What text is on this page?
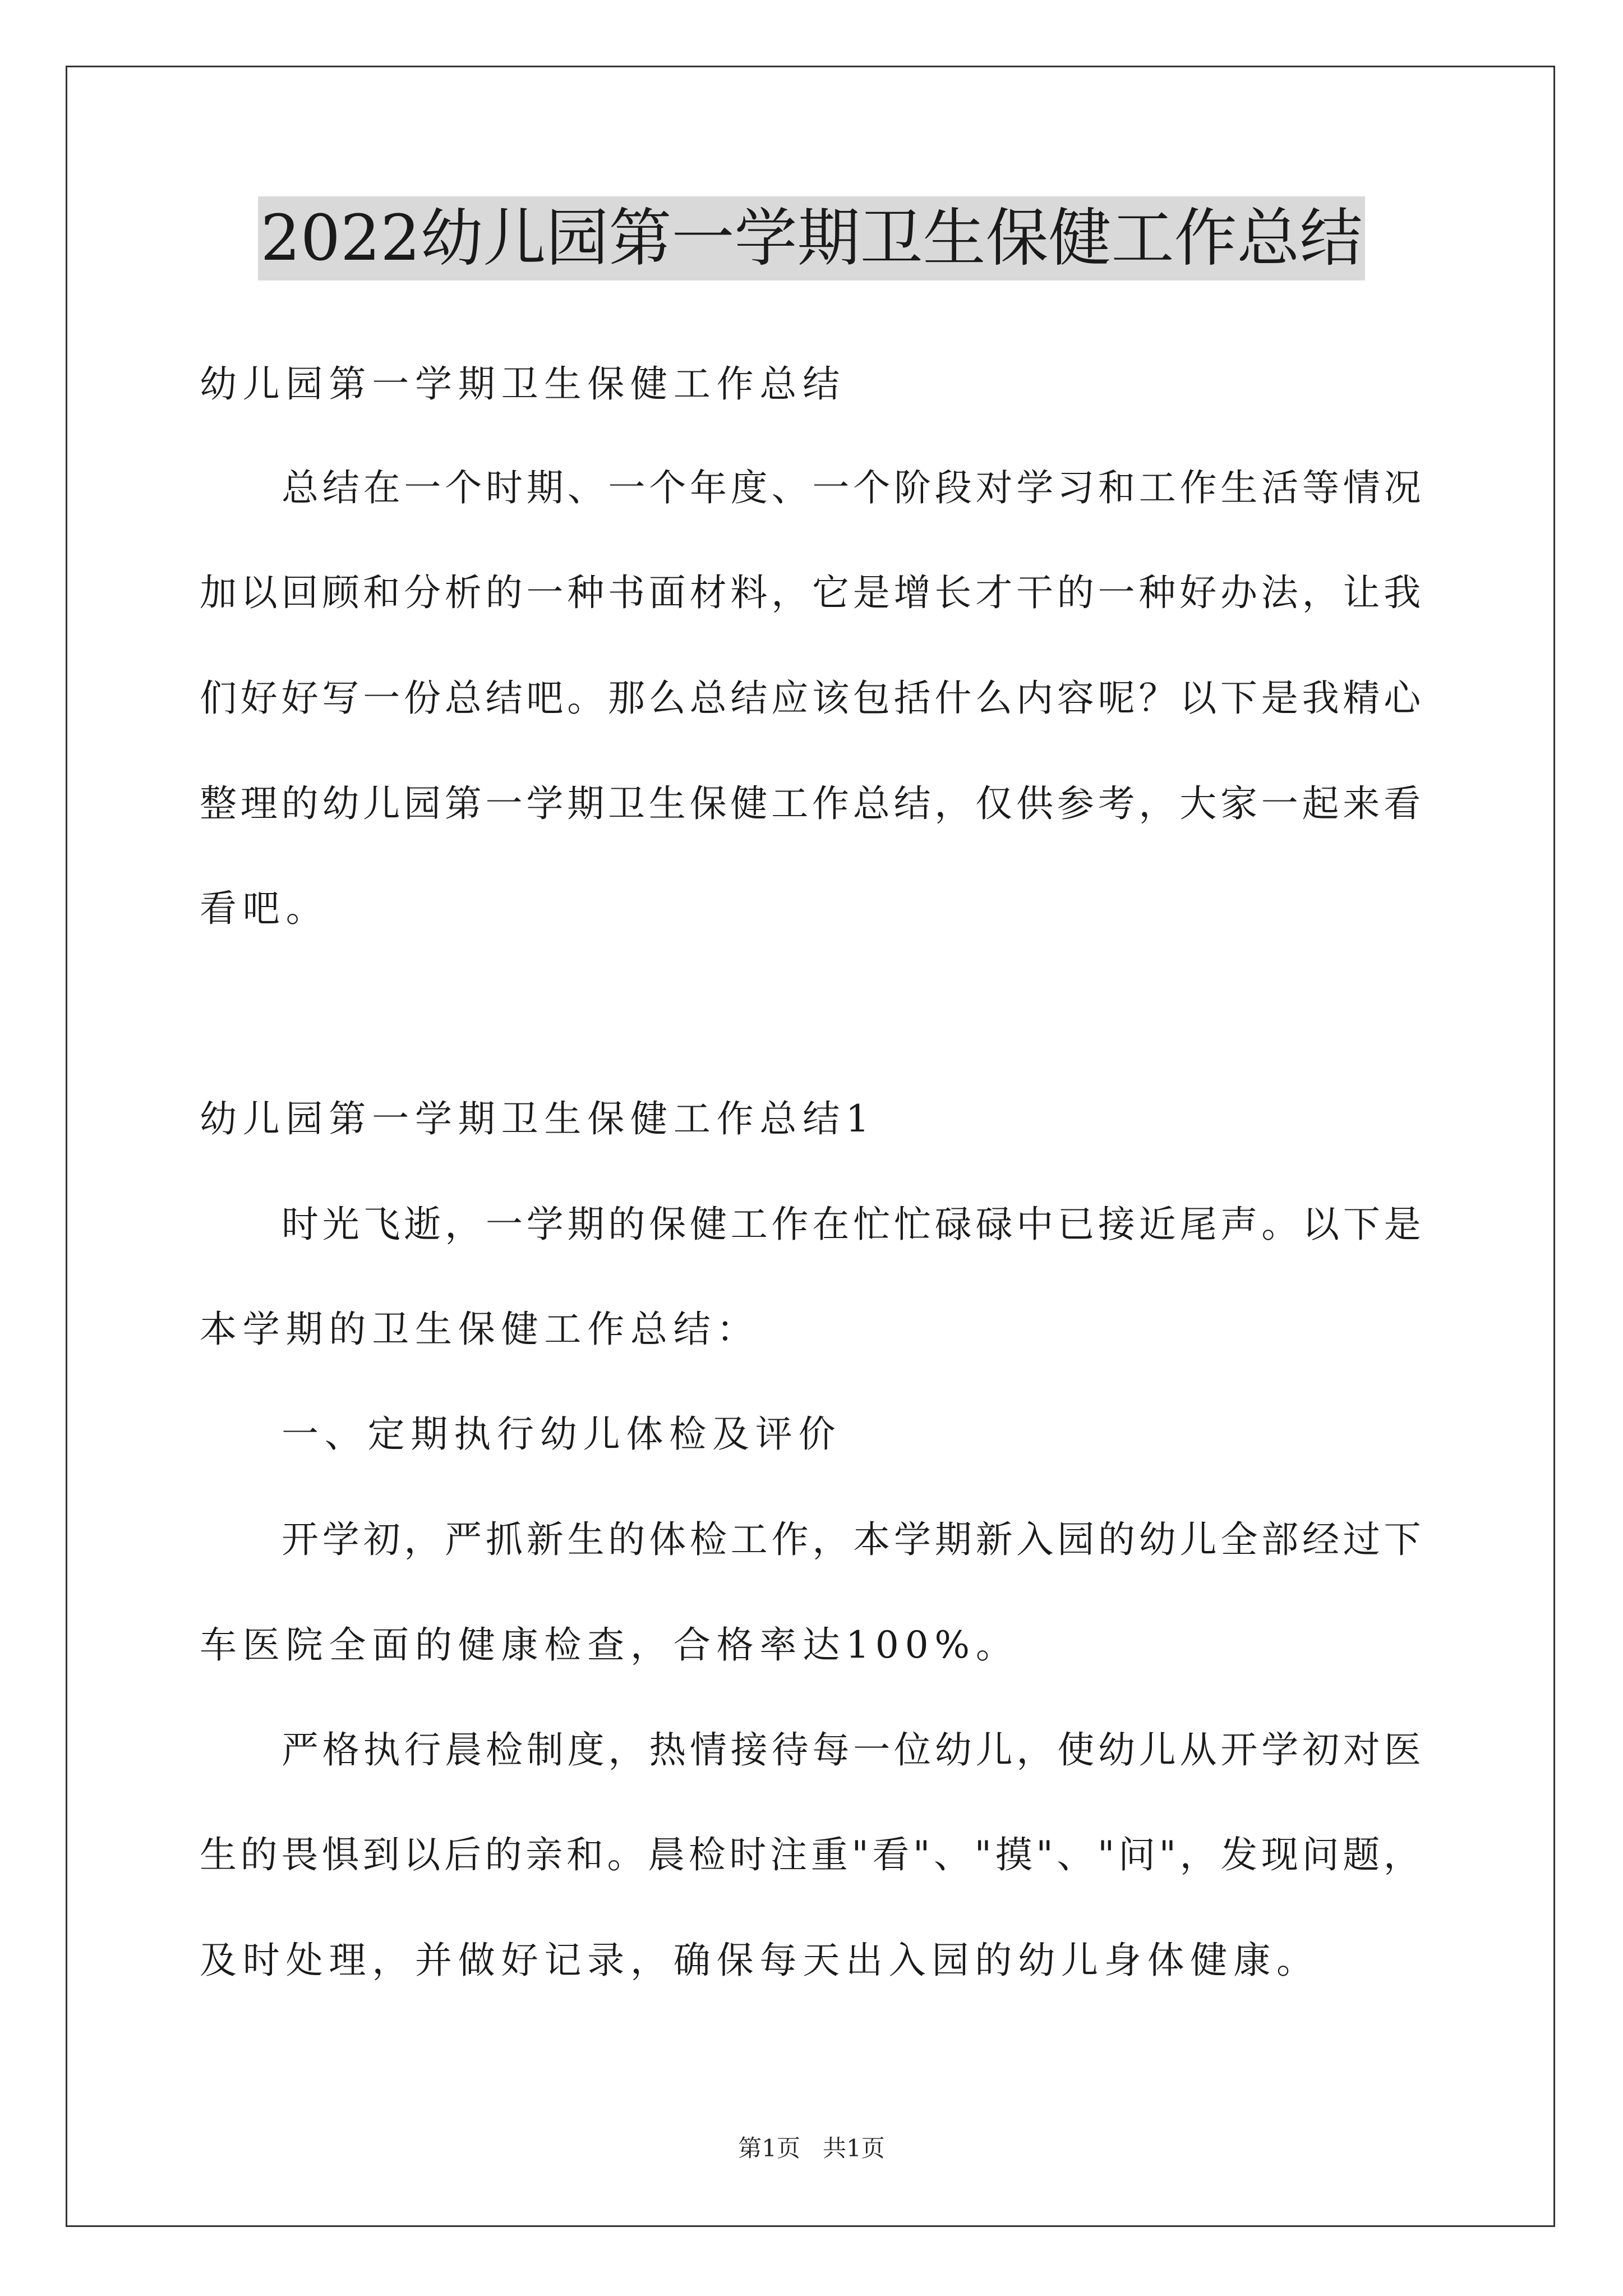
2022幼儿园第一学期卫生保健工作总结
幼儿园第一学期卫生保健工作总结
总结在一个时期、一个年度、一个阶段对学习和工作生活等情况
加以回顾和分析的一种书面材料，它是增长才干的一种好办法，让我
们好好写一份总结吧。那么总结应该包括什么内容呢？以下是我精心
整理的幼儿园第一学期卫生保健工作总结，仅供参考，大家一起来看
看吧。
幼儿园第一学期卫生保健工作总结1
时光飞逝，一学期的保健工作在忙忙碌碌中已接近尾声。以下是
本学期的卫生保健工作总结：
一、定期执行幼儿体检及评价
开学初，严抓新生的体检工作，本学期新入园的幼儿全部经过下
车医院全面的健康检查，合格率达100%。
严格执行晨检制度，热情接待每一位幼儿，使幼儿从开学初对医
生的畏惧到以后的亲和。晨检时注重"看"、"摸"、"问"，发现问题，
及时处理，并做好记录，确保每天出入园的幼儿身体健康。
第1页   共1页
